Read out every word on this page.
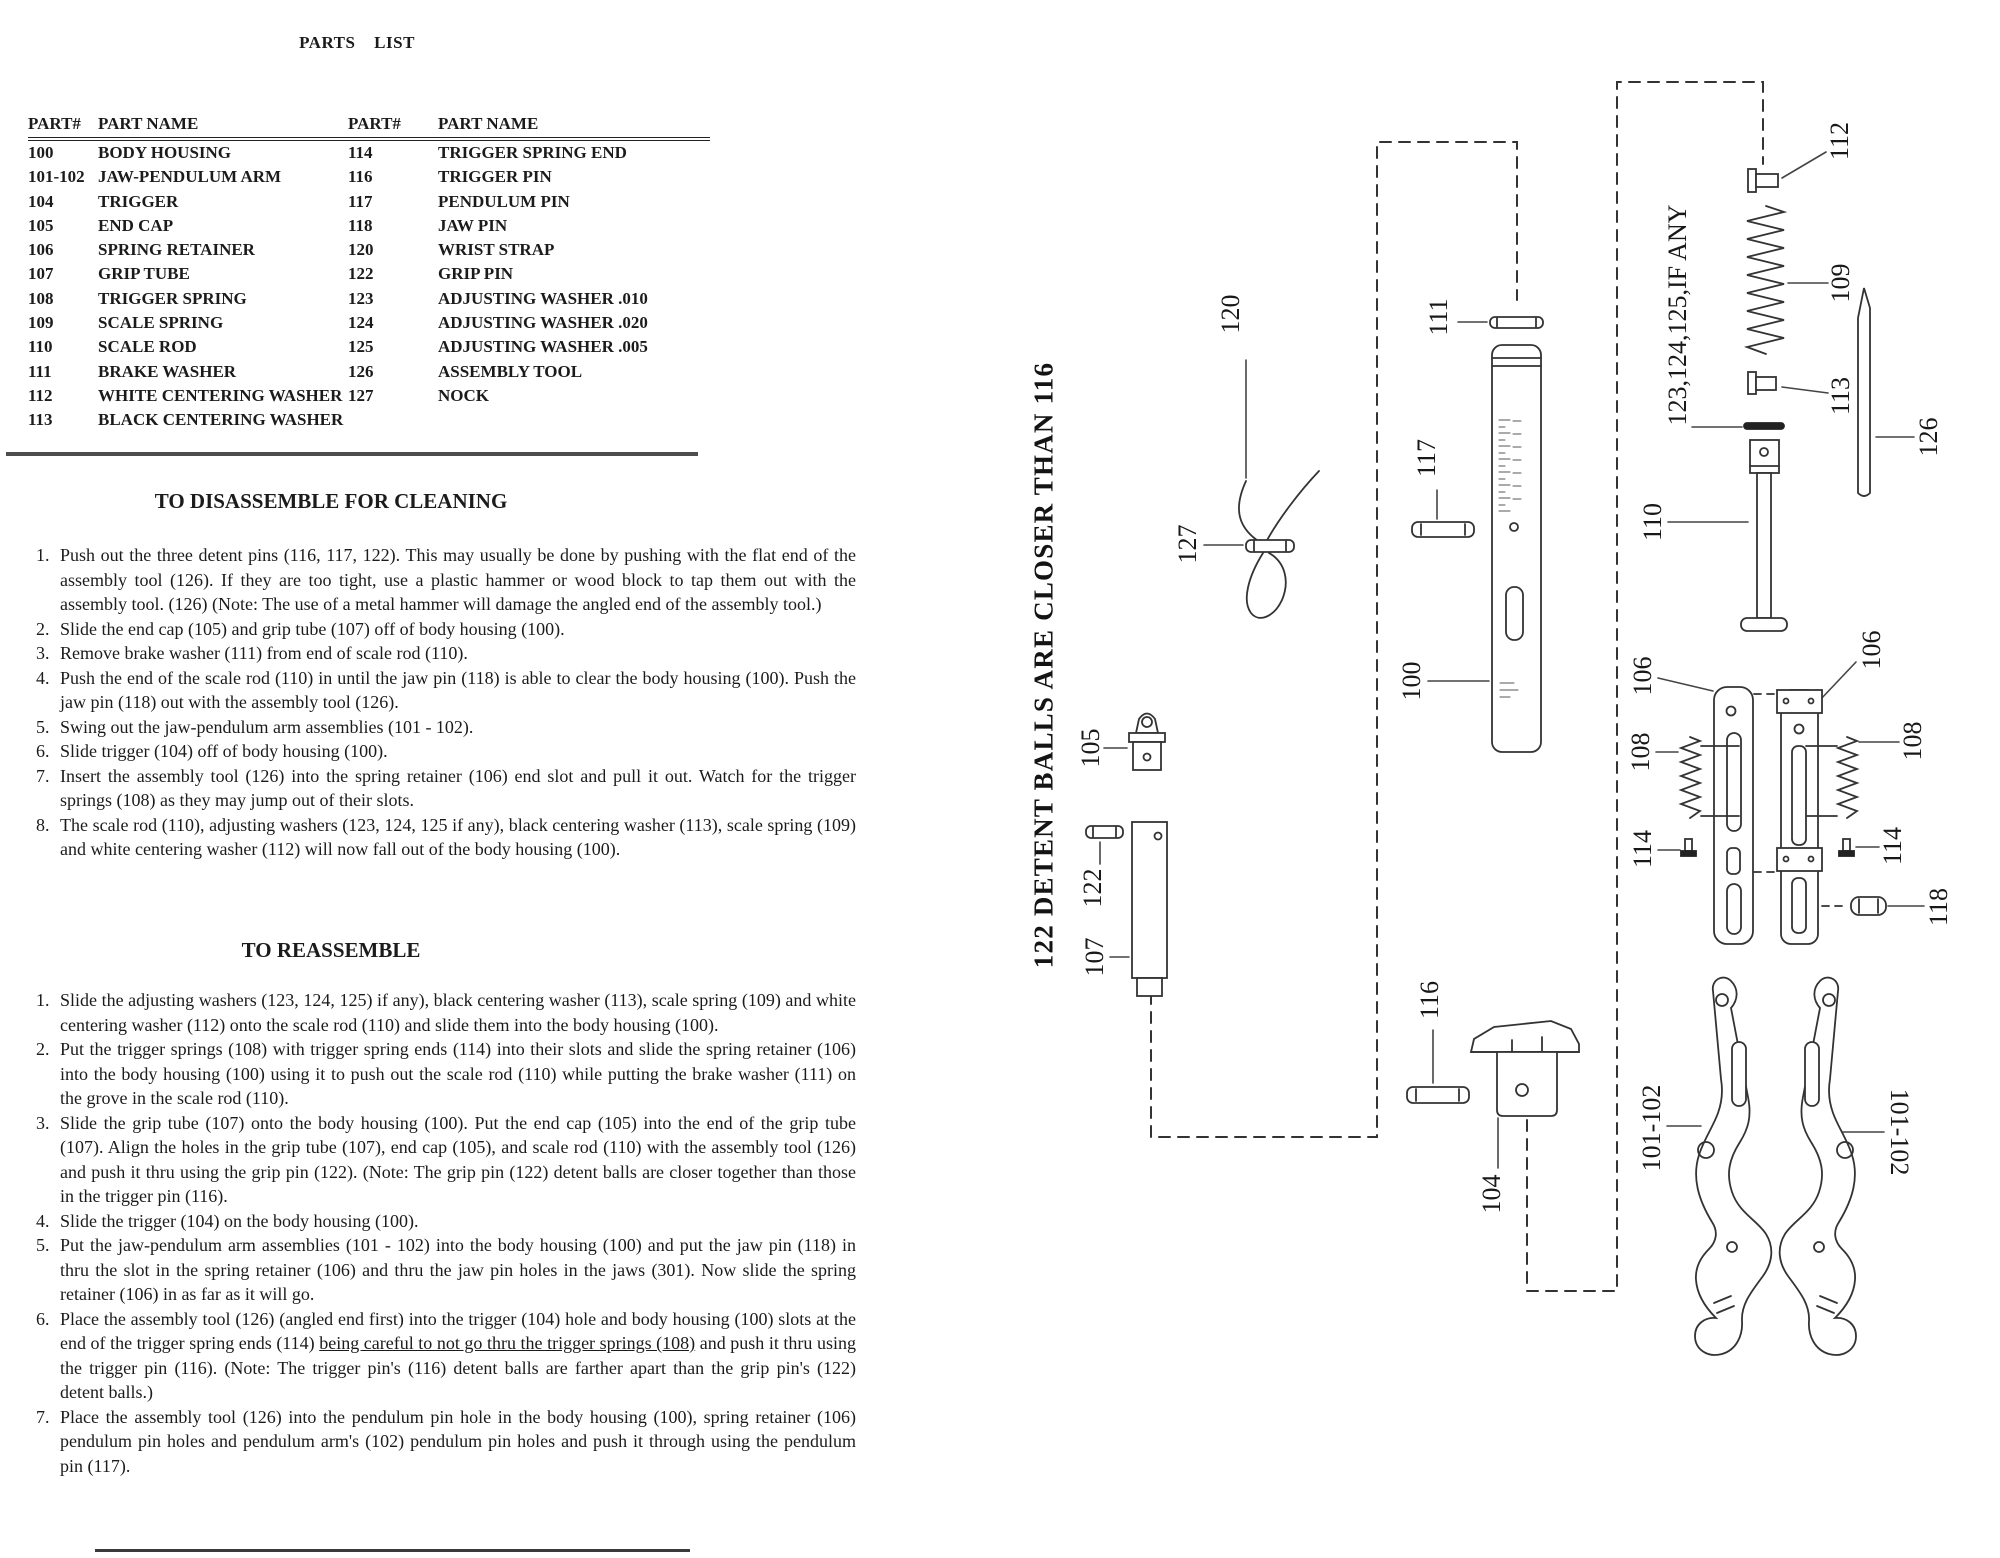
PARTS LIST
PART#	PART NAME	PART#	PART NAME
100	BODY HOUSING	114	TRIGGER SPRING END
101-102 JAW-PENDULUM ARM	116	TRIGGER PIN
104	TRIGGER	117	PENDULUM PIN
105	END CAP	118	JAW PIN
106	SPRING RETAINER	120	WRIST STRAP
107	GRIP TUBE	122	GRIP PIN
108	TRIGGER SPRING	123	ADJUSTING WASHER .010
109	SCALE SPRING	124	ADJUSTING WASHER .020
110	SCALE ROD	125	ADJUSTING WASHER .005
111	BRAKE WASHER	126	ASSEMBLY TOOL
112	WHITE CENTERING WASHER 127	NOCK
113	BLACK CENTERING WASHER
TO DISASSEMBLE FOR CLEANING
1. Push out the three detent pins (116, 117, 122). This may usually be done by pushing with the flat end of the assembly tool (126). If they are too tight, use a plastic hammer or wood block to tap them out with the assembly tool. (126) (Note: The use of a metal hammer will damage the angled end of the assembly tool.)
2. Slide the end cap (105) and grip tube (107) off of body housing (100).
3. Remove brake washer (111) from end of scale rod (110).
4. Push the end of the scale rod (110) in until the jaw pin (118) is able to clear the body housing (100). Push the jaw pin (118) out with the assembly tool (126).
5. Swing out the jaw-pendulum arm assemblies (101 - 102).
6. Slide trigger (104) off of body housing (100).
7. Insert the assembly tool (126) into the spring retainer (106) end slot and pull it out. Watch for the trigger springs (108) as they may jump out of their slots.
8. The scale rod (110), adjusting washers (123, 124, 125 if any), black centering washer (113), scale spring (109) and white centering washer (112) will now fall out of the body housing (100).
TO REASSEMBLE
1. Slide the adjusting washers (123, 124, 125) if any), black centering washer (113), scale spring (109) and white centering washer (112) onto the scale rod (110) and slide them into the body housing (100).
2. Put the trigger springs (108) with trigger spring ends (114) into their slots and slide the spring retainer (106) into the body housing (100) using it to push out the scale rod (110) while putting the brake washer (111) on the grove in the scale rod (110).
3. Slide the grip tube (107) onto the body housing (100). Put the end cap (105) into the end of the grip tube (107). Align the holes in the grip tube (107), end cap (105), and scale rod (110) with the assembly tool (126) and push it thru using the grip pin (122). (Note: The grip pin (122) detent balls are closer together than those in the trigger pin (116).
4. Slide the trigger (104) on the body housing (100).
5. Put the jaw-pendulum arm assemblies (101 - 102) into the body housing (100) and put the jaw pin (118) in thru the slot in the spring retainer (106) and thru the jaw pin holes in the jaws (301). Now slide the spring retainer (106) in as far as it will go.
6. Place the assembly tool (126) (angled end first) into the trigger (104) hole and body housing (100) slots at the end of the trigger spring ends (114) being careful to not go thru the trigger springs (108) and push it thru using the trigger pin (116). (Note: The trigger pin's (116) detent balls are farther apart than the grip pin's (122) detent balls.)
7. Place the assembly tool (126) into the pendulum pin hole in the body housing (100), spring retainer (106) pendulum pin holes and pendulum arm's (102) pendulum pin holes and push it through using the pendulum pin (117).
122 DETENT BALLS ARE CLOSER THAN 116
120
127
105
122
107
111
117
100
116
104
112
109
113
123,124,125,IF ANY
110
126
106
106
108	108
114	114
118
101-102	101-102
